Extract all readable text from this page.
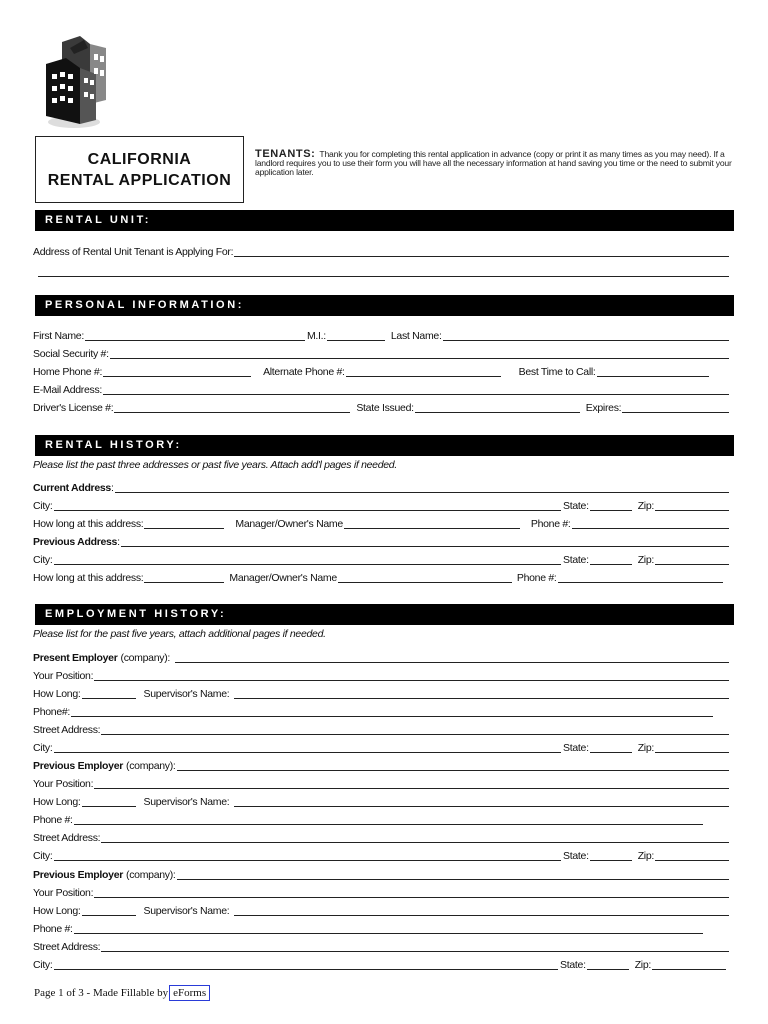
CALIFORNIA
RENTAL APPLICATION
TENANTS: Thank you for completing this rental application in advance (copy or print it as many times as you may need). If a landlord requires you to use their form you will have all the necessary information at hand saving you time or the need to submit your application later.
RENTAL UNIT:
Address of Rental Unit Tenant is Applying For:
PERSONAL INFORMATION:
First Name:	M.I.:	Last Name:
Social Security #:
Home Phone #:	Alternate Phone #:	Best Time to Call:
E-Mail Address:
Driver's License #:	State Issued:	Expires:
RENTAL HISTORY:
Please list the past three addresses or past five years. Attach add'l pages if needed.
Current Address :
City:	State:	Zip:
How long at this address:	Manager/Owner's Name	Phone #:
Previous Address :
City:	State:	Zip:
How long at this address:	Manager/Owner's Name	Phone #:
EMPLOYMENT HISTORY:
Please list for the past five years, attach additional pages if needed.
Present Employer (company):
Your Position:
How Long:	Supervisor's Name:
Phone#:
Street Address:
City:	State:	Zip:
Previous Employer (company):
Your Position:
How Long:	Supervisor's Name:
Phone #:
Street Address:
City:	State:	Zip:
Previous Employer (company):
Your Position:
How Long:	Supervisor's Name:
Phone #:
Street Address:
City:	State:	Zip:
Page 1 of 3 - Made Fillable by eForms
